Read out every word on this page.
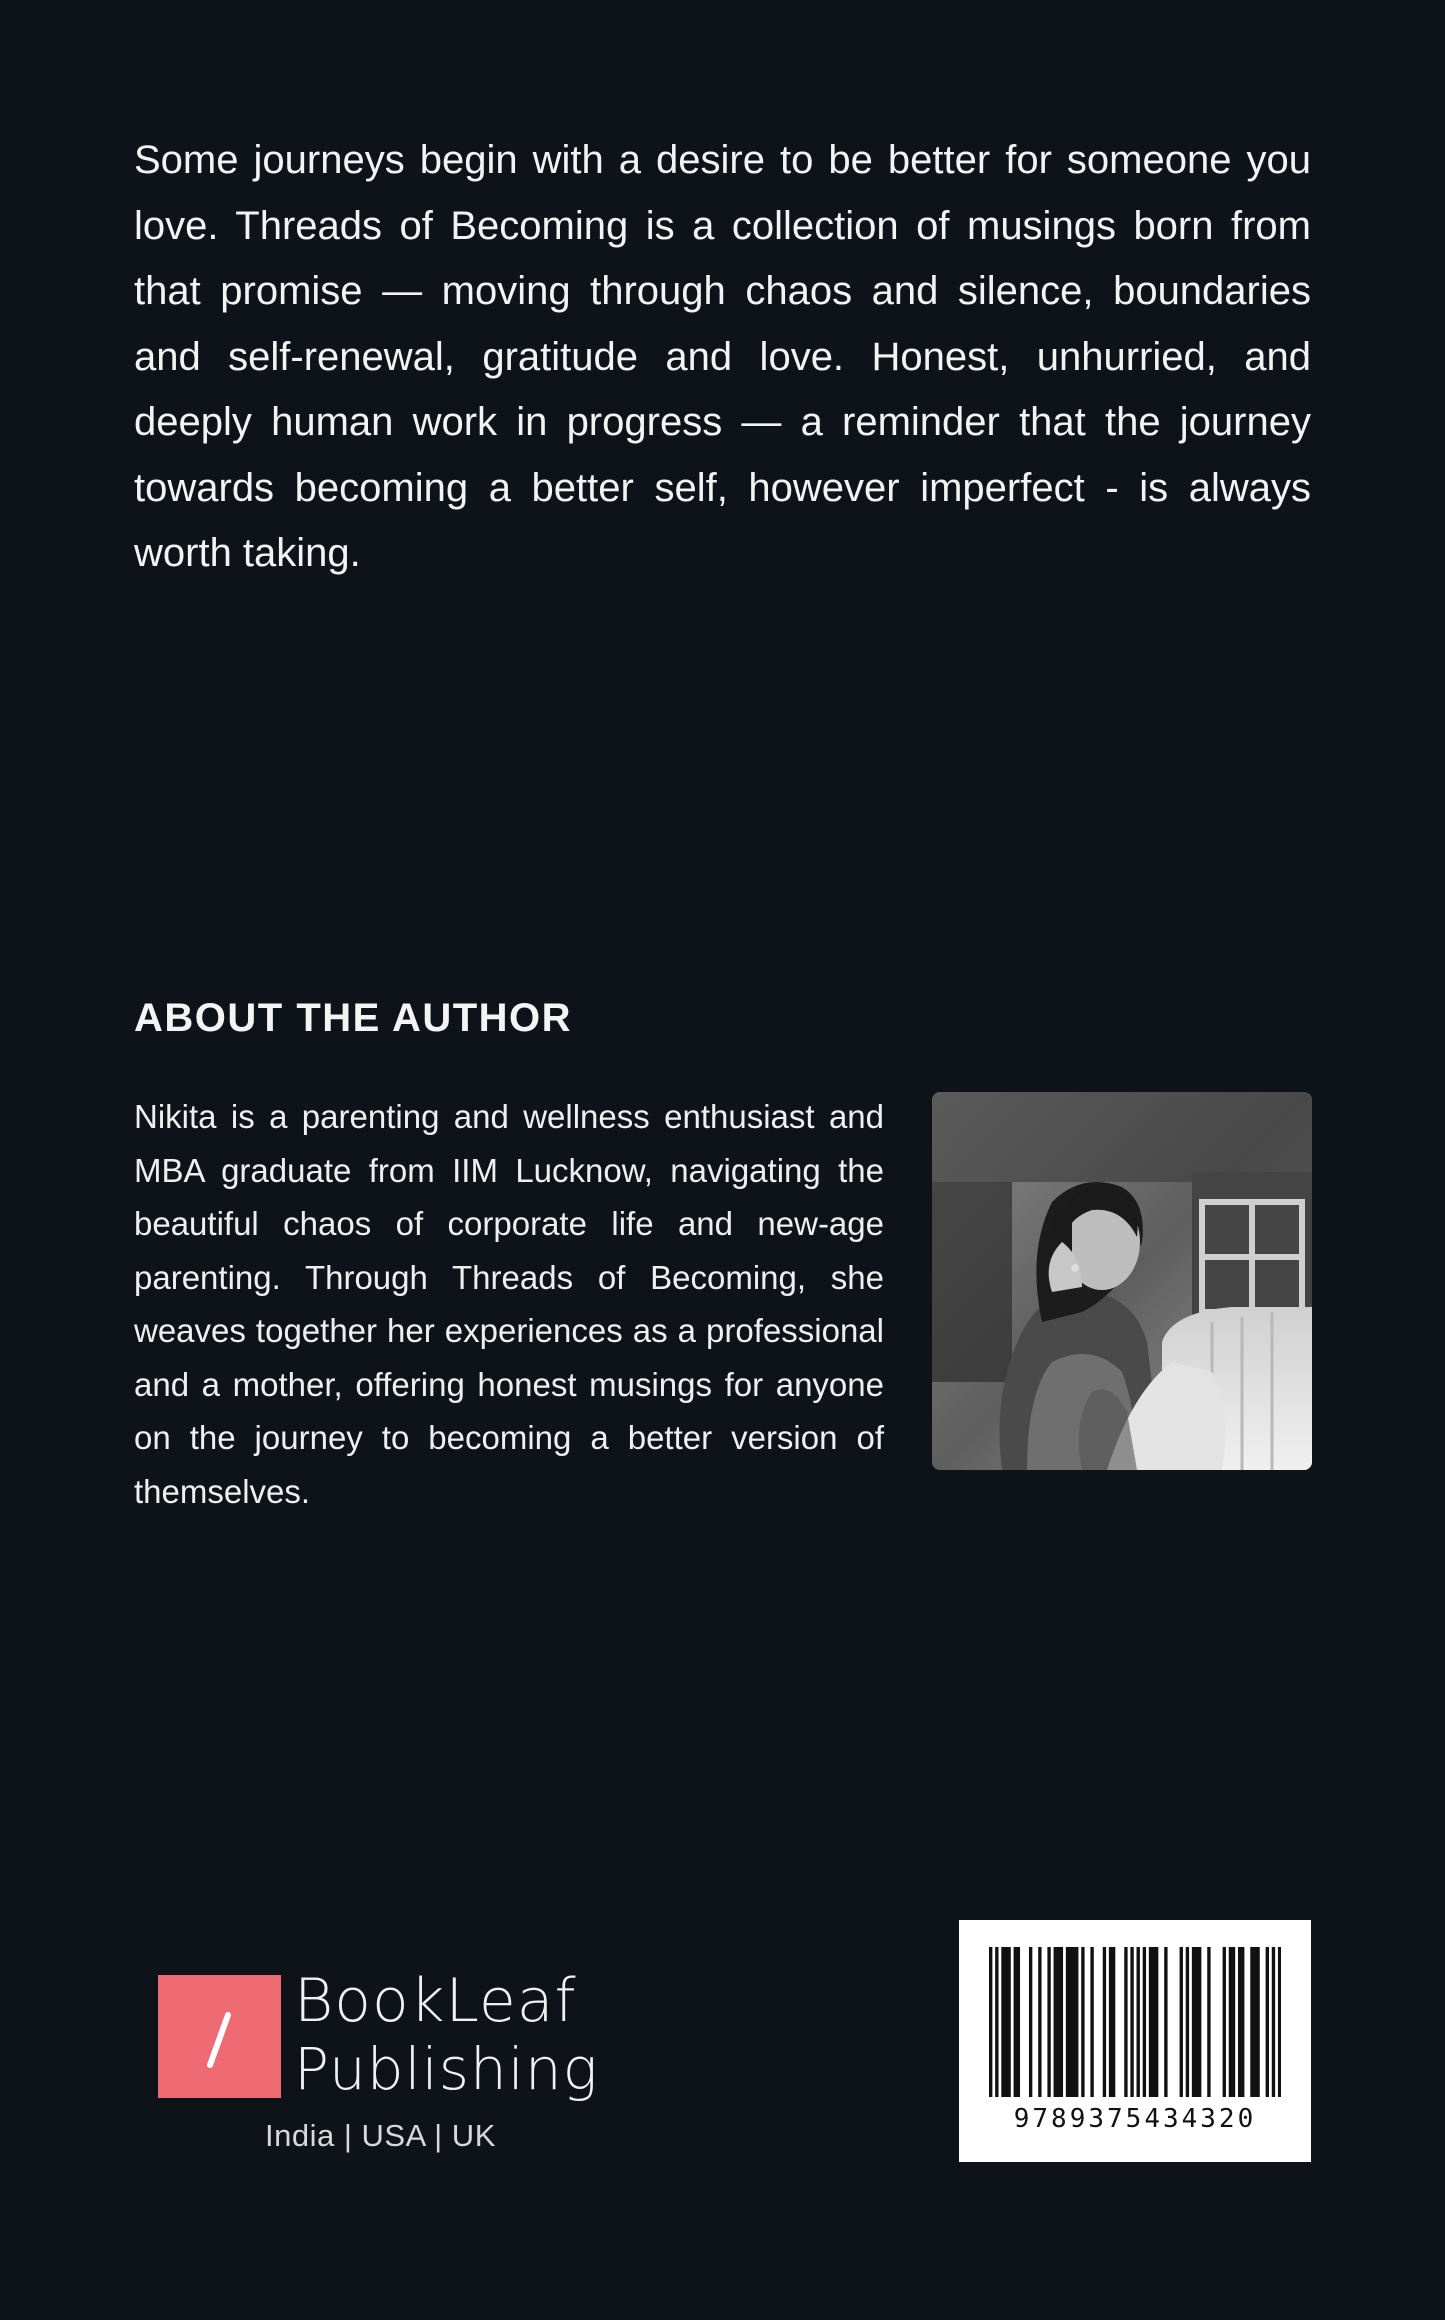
Some journeys begin with a desire to be better for someone you love. Threads of Becoming is a collection of musings born from that promise — moving through chaos and silence, boundaries and self-renewal, gratitude and love. Honest, unhurried, and deeply human work in progress — a reminder that the journey towards becoming a better self, however imperfect - is always worth taking.

ABOUT THE AUTHOR

Nikita is a parenting and wellness enthusiast and MBA graduate from IIM Lucknow, navigating the beautiful chaos of corporate life and new-age parenting. Through Threads of Becoming, she weaves together her experiences as a professional and a mother, offering honest musings for anyone on the journey to becoming a better version of themselves.

BookLeaf
Publishing
India | USA | UK	9789375434320
